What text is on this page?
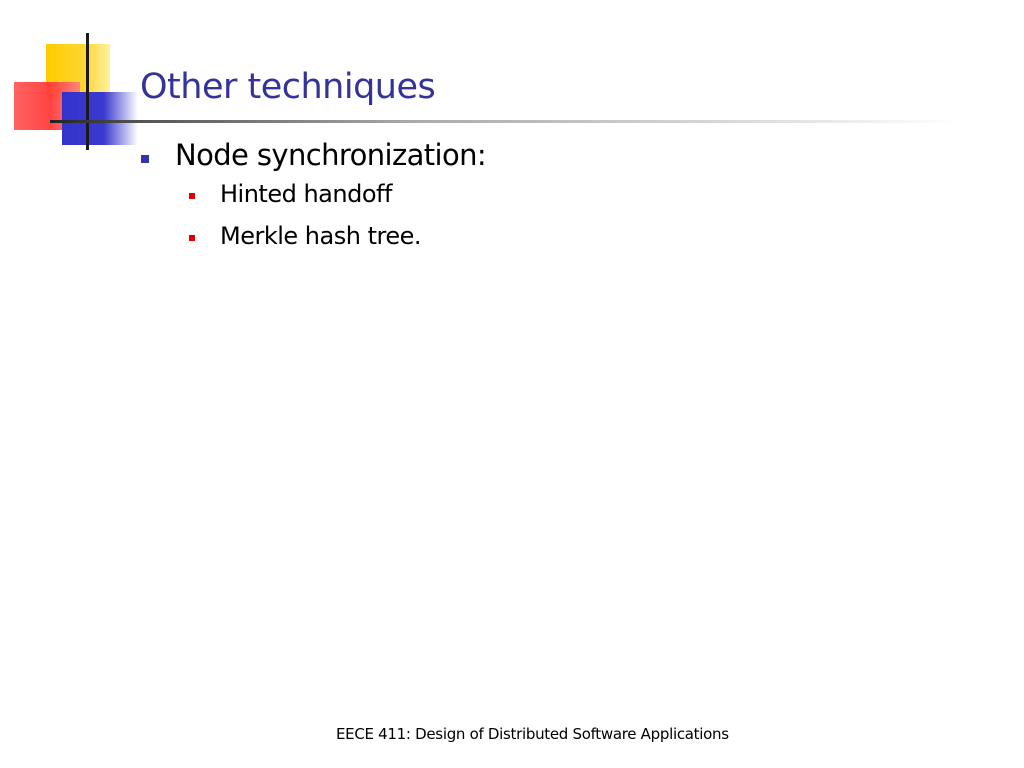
Other techniques
Node synchronization:
Hinted handoff
Merkle hash tree.
EECE 411: Design of Distributed Software Applications
